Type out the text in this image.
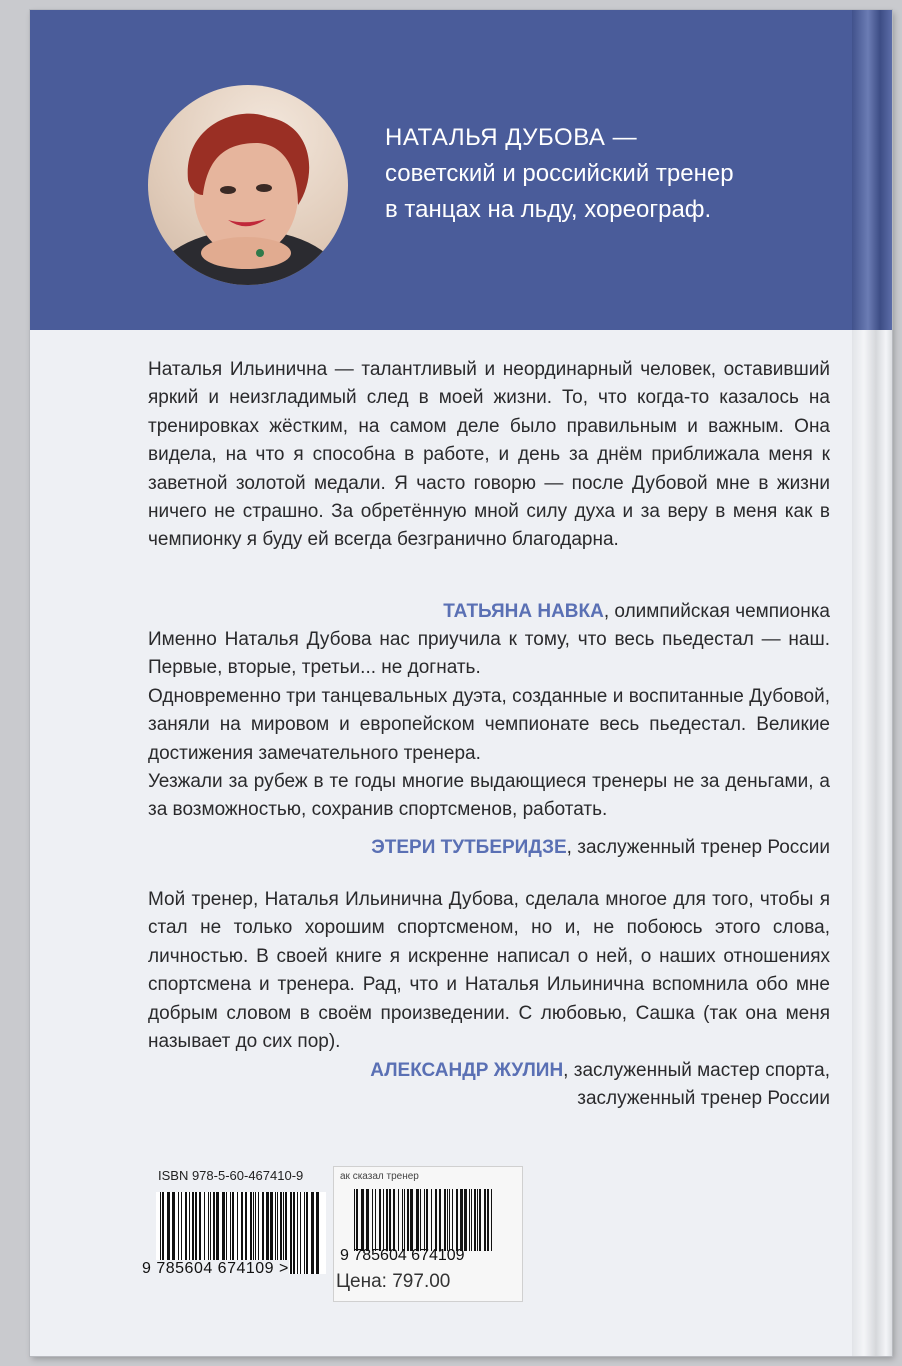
НАТАЛЬЯ ДУБОВА —
советский и российский тренер
в танцах на льду, хореограф.

Наталья Ильинична — талантливый и неординарный человек, оставивший яркий и неизгладимый след в моей жизни. То, что когда-то казалось на тренировках жёстким, на самом деле было правильным и важным. Она видела, на что я способна в работе, и день за днём приближала меня к заветной золотой медали. Я часто говорю — после Дубовой мне в жизни ничего не страшно. За обретённую мной силу духа и за веру в меня как в чемпионку я буду ей всегда безгранично благодарна.

ТАТЬЯНА НАВКА, олимпийская чемпионка

Именно Наталья Дубова нас приучила к тому, что весь пьедестал — наш. Первые, вторые, третьи... не догнать.

Одновременно три танцевальных дуэта, созданные и воспитанные Дубовой, заняли на мировом и европейском чемпионате весь пьедестал. Великие достижения замечательного тренера.

Уезжали за рубеж в те годы многие выдающиеся тренеры не за деньгами, а за возможностью, сохранив спортсменов, работать.

ЭТЕРИ ТУТБЕРИДЗЕ, заслуженный тренер России

Мой тренер, Наталья Ильинична Дубова, сделала многое для того, чтобы я стал не только хорошим спортсменом, но и, не побоюсь этого слова, личностью. В своей книге я искренне написал о ней, о наших отношениях спортсмена и тренера. Рад, что и Наталья Ильинична вспомнила обо мне добрым словом в своём произведении. С любовью, Сашка (так она меня называет до сих пор).

АЛЕКСАНДР ЖУЛИН, заслуженный мастер спорта,
заслуженный тренер России
ISBN 978-5-60-467410-9
9 785604 674109 >
ак сказал тренер
9 785604 674109
Цена: 797.00
